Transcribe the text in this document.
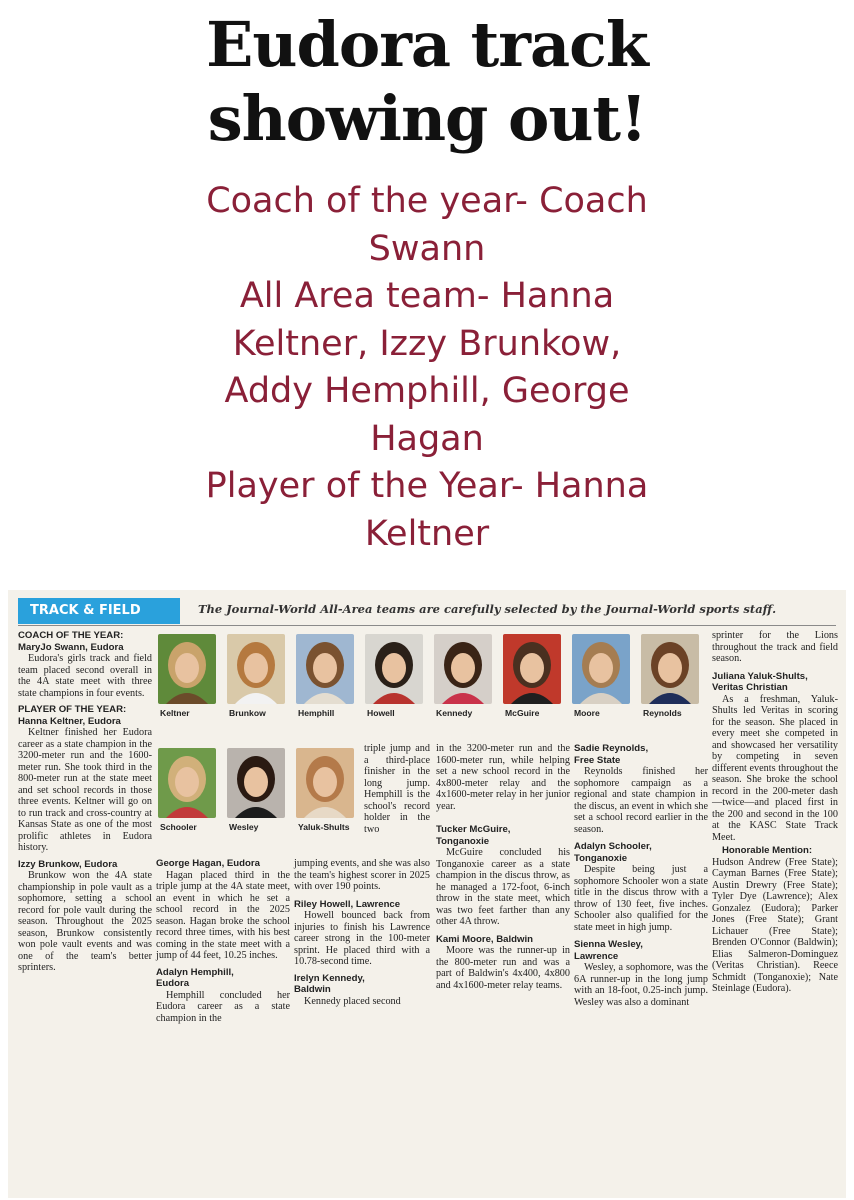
Eudora track
showing out!
Coach of the year- Coach
Swann
All Area team- Hanna
Keltner, Izzy Brunkow,
Addy Hemphill, George
Hagan
Player of the Year- Hanna
Keltner
TRACK & FIELD	The Journal-World All-Area teams are carefully selected by the Journal-World sports staff.

COACH OF THE YEAR:

MaryJo Swann, Eudora

Eudora's girls track and field team placed second overall in the 4A state meet with three state champions in four events.

PLAYER OF THE YEAR:

Hanna Keltner, Eudora

Keltner finished her Eudora career as a state champion in the 3200-meter run and the 1600-meter run. She took third in the 800-meter run at the state meet and set school records in those three events. Keltner will go on to run track and cross-country at Kansas State as one of the most prolific athletes in Eudora history.

Izzy Brunkow, Eudora

Brunkow won the 4A state championship in pole vault as a sophomore, setting a school record for pole vault during the season. Throughout the 2025 season, Brunkow consistently won pole vault events and was one of the team's better sprinters.

Keltner	Brunkow	Hemphill	Howell	Kennedy	McGuire	Moore	Reynolds
Schooler	Wesley	Yaluk-Shults

George Hagan, Eudora

Hagan placed third in the triple jump at the 4A state meet, an event in which he set a school record in the 2025 season. Hagan broke the school record three times, with his best coming in the state meet with a jump of 44 feet, 10.25 inches.

Adalyn Hemphill,

Eudora

Hemphill concluded her Eudora career as a state champion in the

triple jump and a third-place finisher in the long jump. Hemphill is the school's record holder in the two

jumping events, and she was also the team's highest scorer in 2025 with over 190 points.

Riley Howell, Lawrence

Howell bounced back from injuries to finish his Lawrence career strong in the 100-meter sprint. He placed third with a 10.78-second time.

Irelyn Kennedy,

Baldwin

Kennedy placed second

in the 3200-meter run and the 1600-meter run, while helping set a new school record in the 4x800-meter relay and the 4x1600-meter relay in her junior year.

Tucker McGuire,

Tonganoxie

McGuire concluded his Tonganoxie career as a state champion in the discus throw, as he managed a 172-foot, 6-inch throw in the state meet, which was two feet farther than any other 4A throw.

Kami Moore, Baldwin

Moore was the runner-up in the 800-meter run and was a part of Baldwin's 4x400, 4x800 and 4x1600-meter relay teams.

Sadie Reynolds,

Free State

Reynolds finished her sophomore campaign as a regional and state champion in the discus, an event in which she set a school record earlier in the season.

Adalyn Schooler,

Tonganoxie

Despite being just a sophomore Schooler won a state title in the discus throw with a throw of 130 feet, five inches. Schooler also qualified for the state meet in high jump.

Sienna Wesley,

Lawrence

Wesley, a sophomore, was the 6A runner-up in the long jump with an 18-foot, 0.25-inch jump. Wesley was also a dominant

sprinter for the Lions throughout the track and field season.

Juliana Yaluk-Shults,

Veritas Christian

As a freshman, Yaluk-Shults led Veritas in scoring for the season. She placed in every meet she competed in and showcased her versatility by competing in seven different events throughout the season. She broke the school record in the 200-meter dash—twice—and placed first in the 200 and second in the 100 at the KASC State Track Meet.

Honorable Mention:

Hudson Andrew (Free State); Cayman Barnes (Free State); Austin Drewry (Free State); Tyler Dye (Lawrence); Alex Gonzalez (Eudora); Parker Jones (Free State); Grant Lichauer (Free State); Brenden O'Connor (Baldwin); Elias Salmeron-Dominguez (Veritas Christian). Reece Schmidt (Tonganoxie); Nate Steinlage (Eudora).
